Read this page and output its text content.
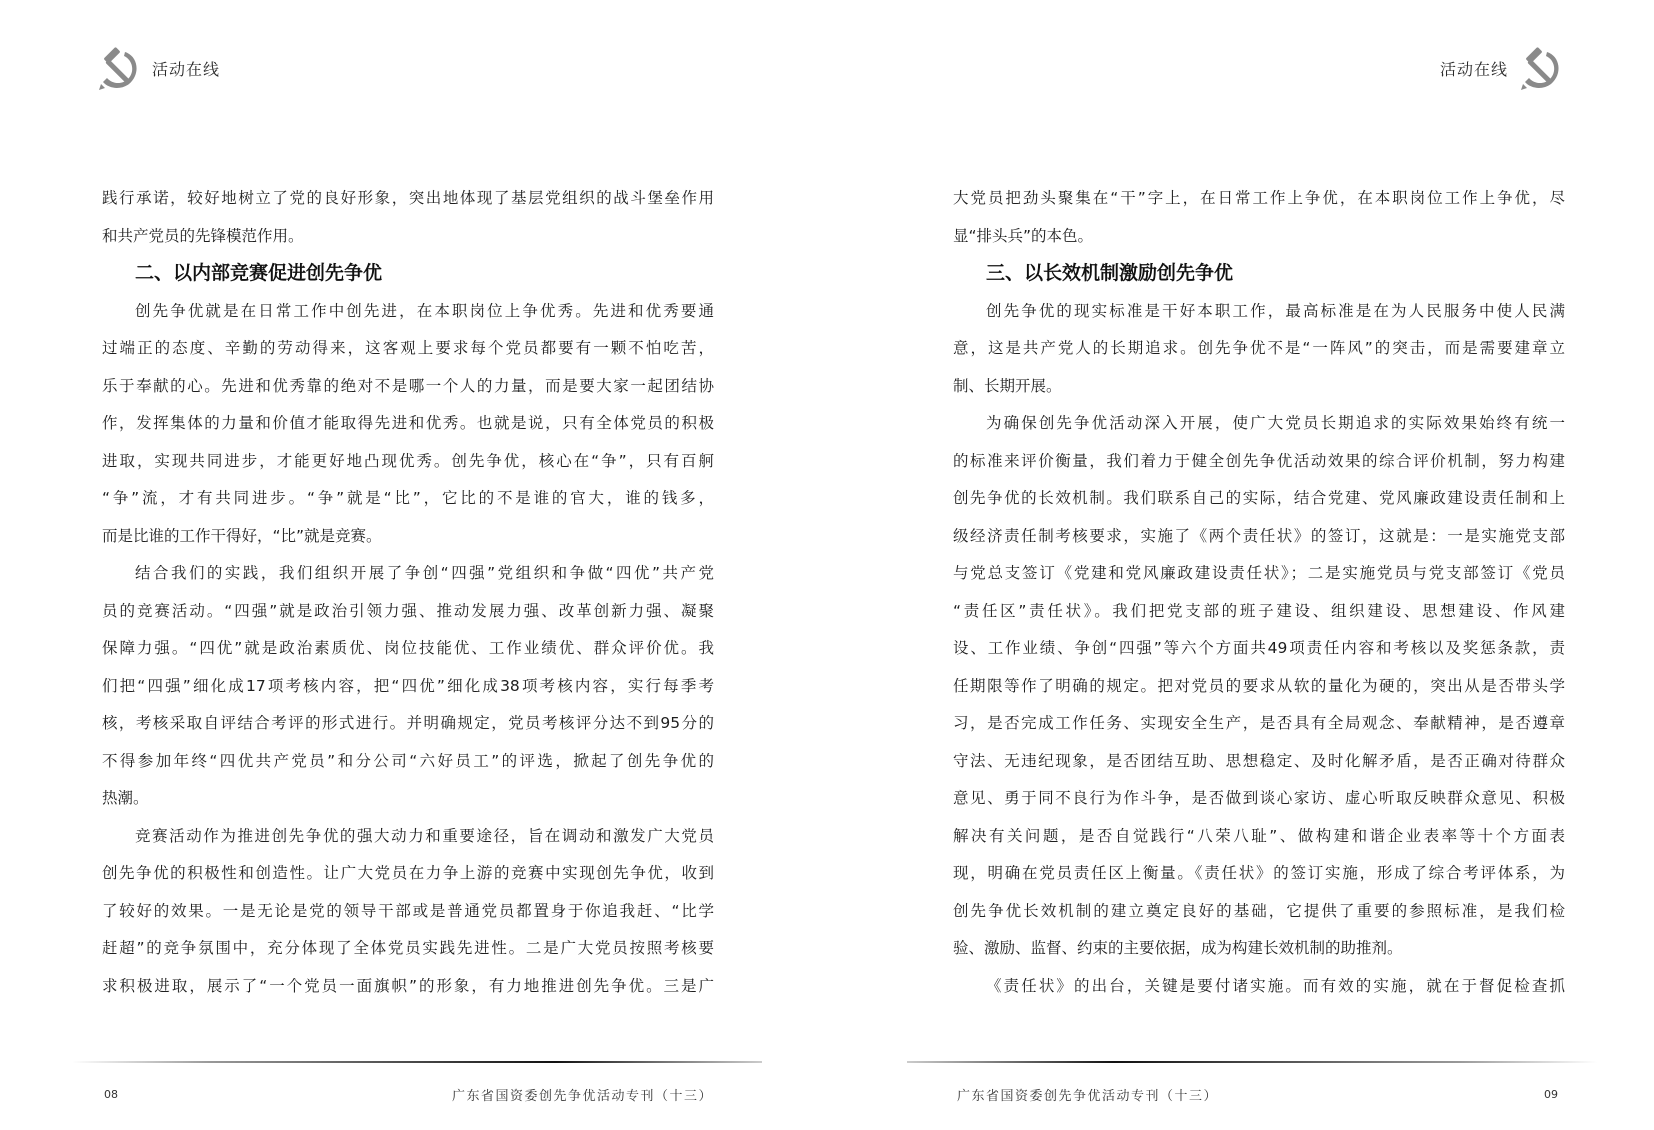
活动在线
践行承诺，较好地树立了党的良好形象，突出地体现了基层党组织的战斗堡垒作用
和共产党员的先锋模范作用。
二、以内部竞赛促进创先争优
创先争优就是在日常工作中创先进，在本职岗位上争优秀。先进和优秀要通
过端正的态度、辛勤的劳动得来，这客观上要求每个党员都要有一颗不怕吃苦，
乐于奉献的心。先进和优秀靠的绝对不是哪一个人的力量，而是要大家一起团结协
作，发挥集体的力量和价值才能取得先进和优秀。也就是说，只有全体党员的积极
进取，实现共同进步，才能更好地凸现优秀。创先争优，核心在“争”，只有百舸
“争”流，才有共同进步。“争”就是“比”，它比的不是谁的官大，谁的钱多，
而是比谁的工作干得好，“比”就是竞赛。
结合我们的实践，我们组织开展了争创“四强”党组织和争做“四优”共产党
员的竞赛活动。“四强”就是政治引领力强、推动发展力强、改革创新力强、凝聚
保障力强。“四优”就是政治素质优、岗位技能优、工作业绩优、群众评价优。我
们把“四强”细化成17项考核内容，把“四优”细化成38项考核内容，实行每季考
核，考核采取自评结合考评的形式进行。并明确规定，党员考核评分达不到95分的
不得参加年终“四优共产党员”和分公司“六好员工”的评选，掀起了创先争优的
热潮。
竞赛活动作为推进创先争优的强大动力和重要途径，旨在调动和激发广大党员
创先争优的积极性和创造性。让广大党员在力争上游的竞赛中实现创先争优，收到
了较好的效果。一是无论是党的领导干部或是普通党员都置身于你追我赶、“比学
赶超”的竞争氛围中，充分体现了全体党员实践先进性。二是广大党员按照考核要
求积极进取，展示了“一个党员一面旗帜”的形象，有力地推进创先争优。三是广
08	广东省国资委创先争优活动专刊（十三）
活动在线
大党员把劲头聚集在“干”字上，在日常工作上争优，在本职岗位工作上争优，尽
显“排头兵”的本色。
三、以长效机制激励创先争优
创先争优的现实标准是干好本职工作，最高标准是在为人民服务中使人民满
意，这是共产党人的长期追求。创先争优不是“一阵风”的突击，而是需要建章立
制、长期开展。
为确保创先争优活动深入开展，使广大党员长期追求的实际效果始终有统一
的标准来评价衡量，我们着力于健全创先争优活动效果的综合评价机制，努力构建
创先争优的长效机制。我们联系自己的实际，结合党建、党风廉政建设责任制和上
级经济责任制考核要求，实施了《两个责任状》的签订，这就是：一是实施党支部
与党总支签订《党建和党风廉政建设责任状》；二是实施党员与党支部签订《党员
“责任区”责任状》。我们把党支部的班子建设、组织建设、思想建设、作风建
设、工作业绩、争创“四强”等六个方面共49项责任内容和考核以及奖惩条款，责
任期限等作了明确的规定。把对党员的要求从软的量化为硬的，突出从是否带头学
习，是否完成工作任务、实现安全生产，是否具有全局观念、奉献精神，是否遵章
守法、无违纪现象，是否团结互助、思想稳定、及时化解矛盾，是否正确对待群众
意见、勇于同不良行为作斗争，是否做到谈心家访、虚心听取反映群众意见、积极
解决有关问题，是否自觉践行“八荣八耻”、做构建和谐企业表率等十个方面表
现，明确在党员责任区上衡量。《责任状》的签订实施，形成了综合考评体系，为
创先争优长效机制的建立奠定良好的基础，它提供了重要的参照标准，是我们检
验、激励、监督、约束的主要依据，成为构建长效机制的助推剂。
《责任状》的出台，关键是要付诸实施。而有效的实施，就在于督促检查抓
广东省国资委创先争优活动专刊（十三）	09
